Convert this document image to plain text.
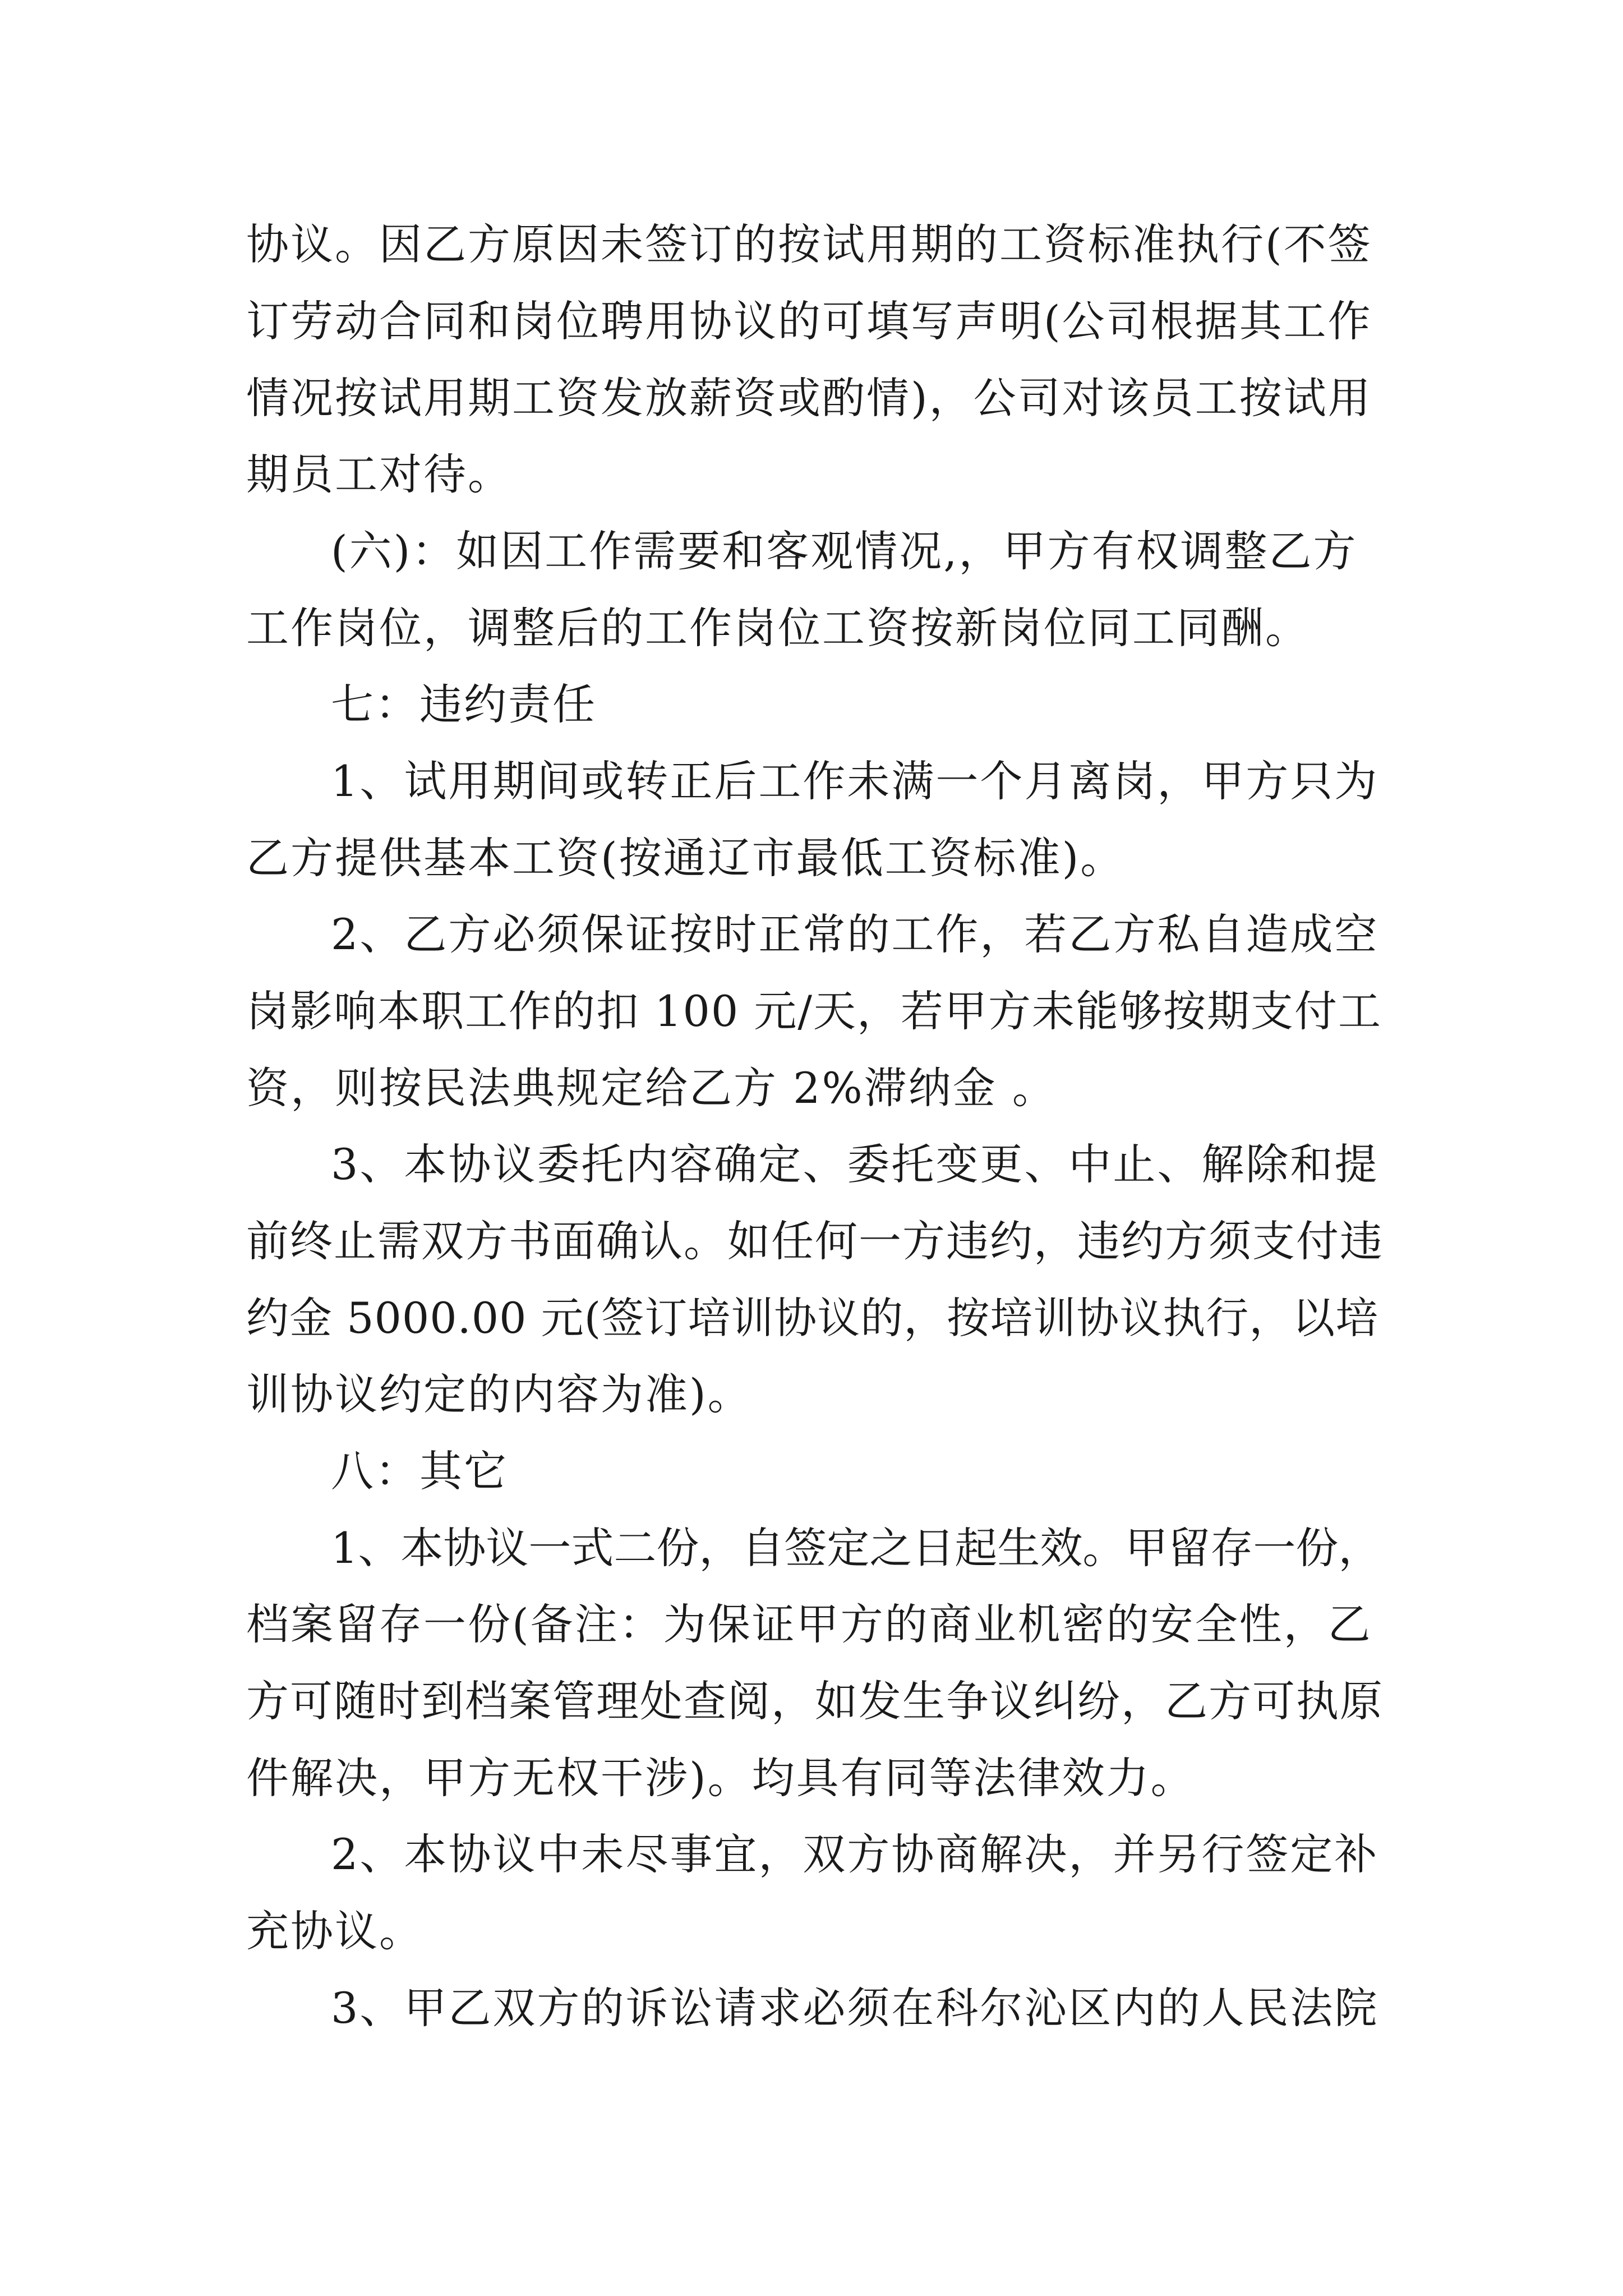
协议。因乙方原因未签订的按试用期的工资标准执行(不签
订劳动合同和岗位聘用协议的可填写声明(公司根据其工作
情况按试用期工资发放薪资或酌情)，公司对该员工按试用
期员工对待。
(六)：如因工作需要和客观情况,，甲方有权调整乙方
工作岗位，调整后的工作岗位工资按新岗位同工同酬。
七：违约责任
1、试用期间或转正后工作未满一个月离岗，甲方只为
乙方提供基本工资(按通辽市最低工资标准)。
2、乙方必须保证按时正常的工作，若乙方私自造成空
岗影响本职工作的扣 100 元/天，若甲方未能够按期支付工
资，则按民法典规定给乙方 2%滞纳金 。
3、本协议委托内容确定、委托变更、中止、解除和提
前终止需双方书面确认。如任何一方违约，违约方须支付违
约金 5000.00 元(签订培训协议的，按培训协议执行，以培
训协议约定的内容为准)。
八：其它
1、本协议一式二份，自签定之日起生效。甲留存一份，
档案留存一份(备注：为保证甲方的商业机密的安全性，乙
方可随时到档案管理处查阅，如发生争议纠纷，乙方可执原
件解决，甲方无权干涉)。均具有同等法律效力。
2、本协议中未尽事宜，双方协商解决，并另行签定补
充协议。
3、甲乙双方的诉讼请求必须在科尔沁区内的人民法院
